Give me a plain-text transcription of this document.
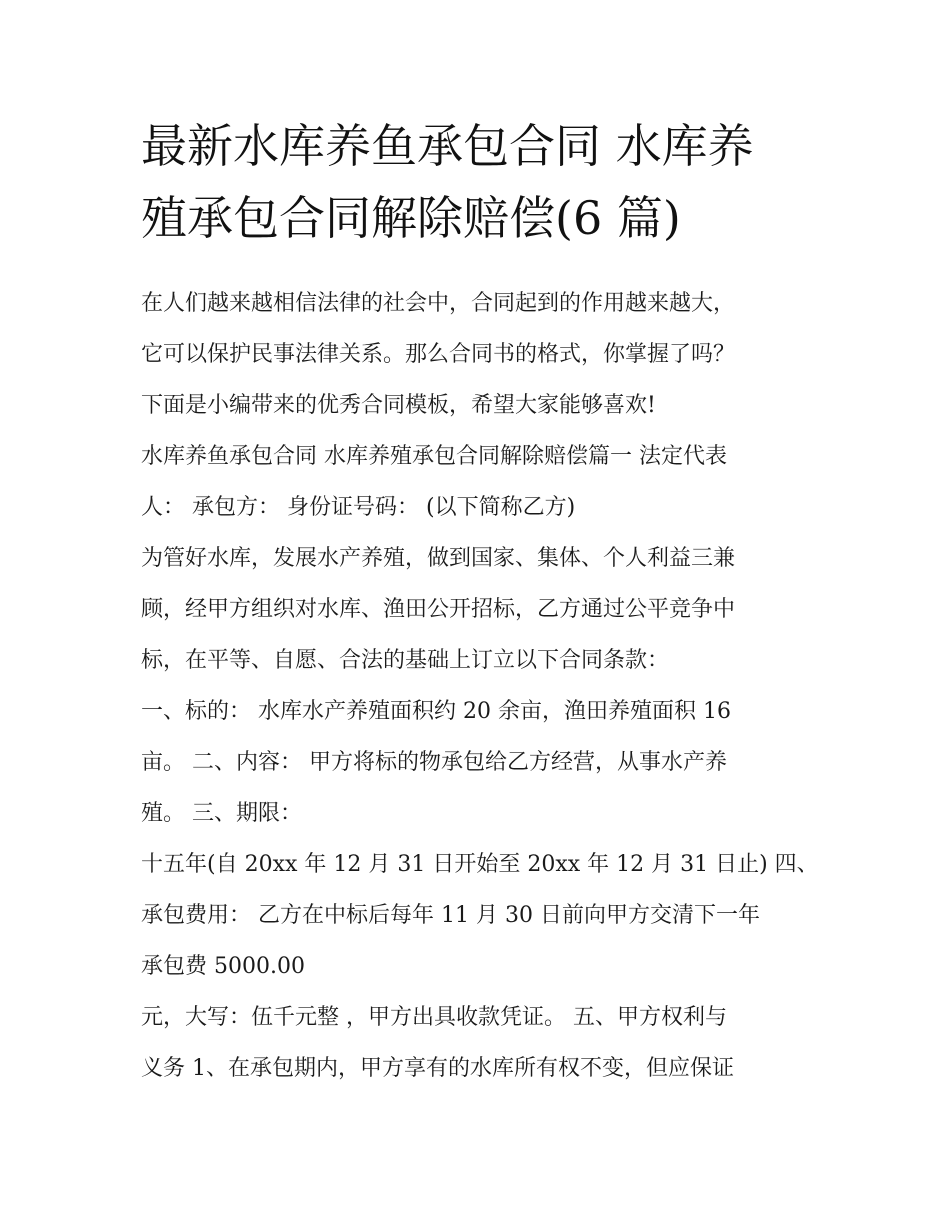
最新水库养鱼承包合同 水库养
殖承包合同解除赔偿(6 篇)
在人们越来越相信法律的社会中，合同起到的作用越来越大，
它可以保护民事法律关系。那么合同书的格式，你掌握了吗？
下面是小编带来的优秀合同模板，希望大家能够喜欢!
水库养鱼承包合同 水库养殖承包合同解除赔偿篇一 法定代表
人： 承包方： 身份证号码： (以下简称乙方)
为管好水库，发展水产养殖，做到国家、集体、个人利益三兼
顾，经甲方组织对水库、渔田公开招标，乙方通过公平竞争中
标，在平等、自愿、合法的基础上订立以下合同条款：
一、标的： 水库水产养殖面积约 20 余亩，渔田养殖面积 16
亩。 二、内容： 甲方将标的物承包给乙方经营，从事水产养
殖。 三、期限：
十五年(自 20xx 年 12 月 31 日开始至 20xx 年 12 月 31 日止) 四、
承包费用： 乙方在中标后每年 11 月 30 日前向甲方交清下一年
承包费 5000.00
元，大写：伍千元整 ，甲方出具收款凭证。 五、甲方权利与
义务 1、在承包期内，甲方享有的水库所有权不变，但应保证
